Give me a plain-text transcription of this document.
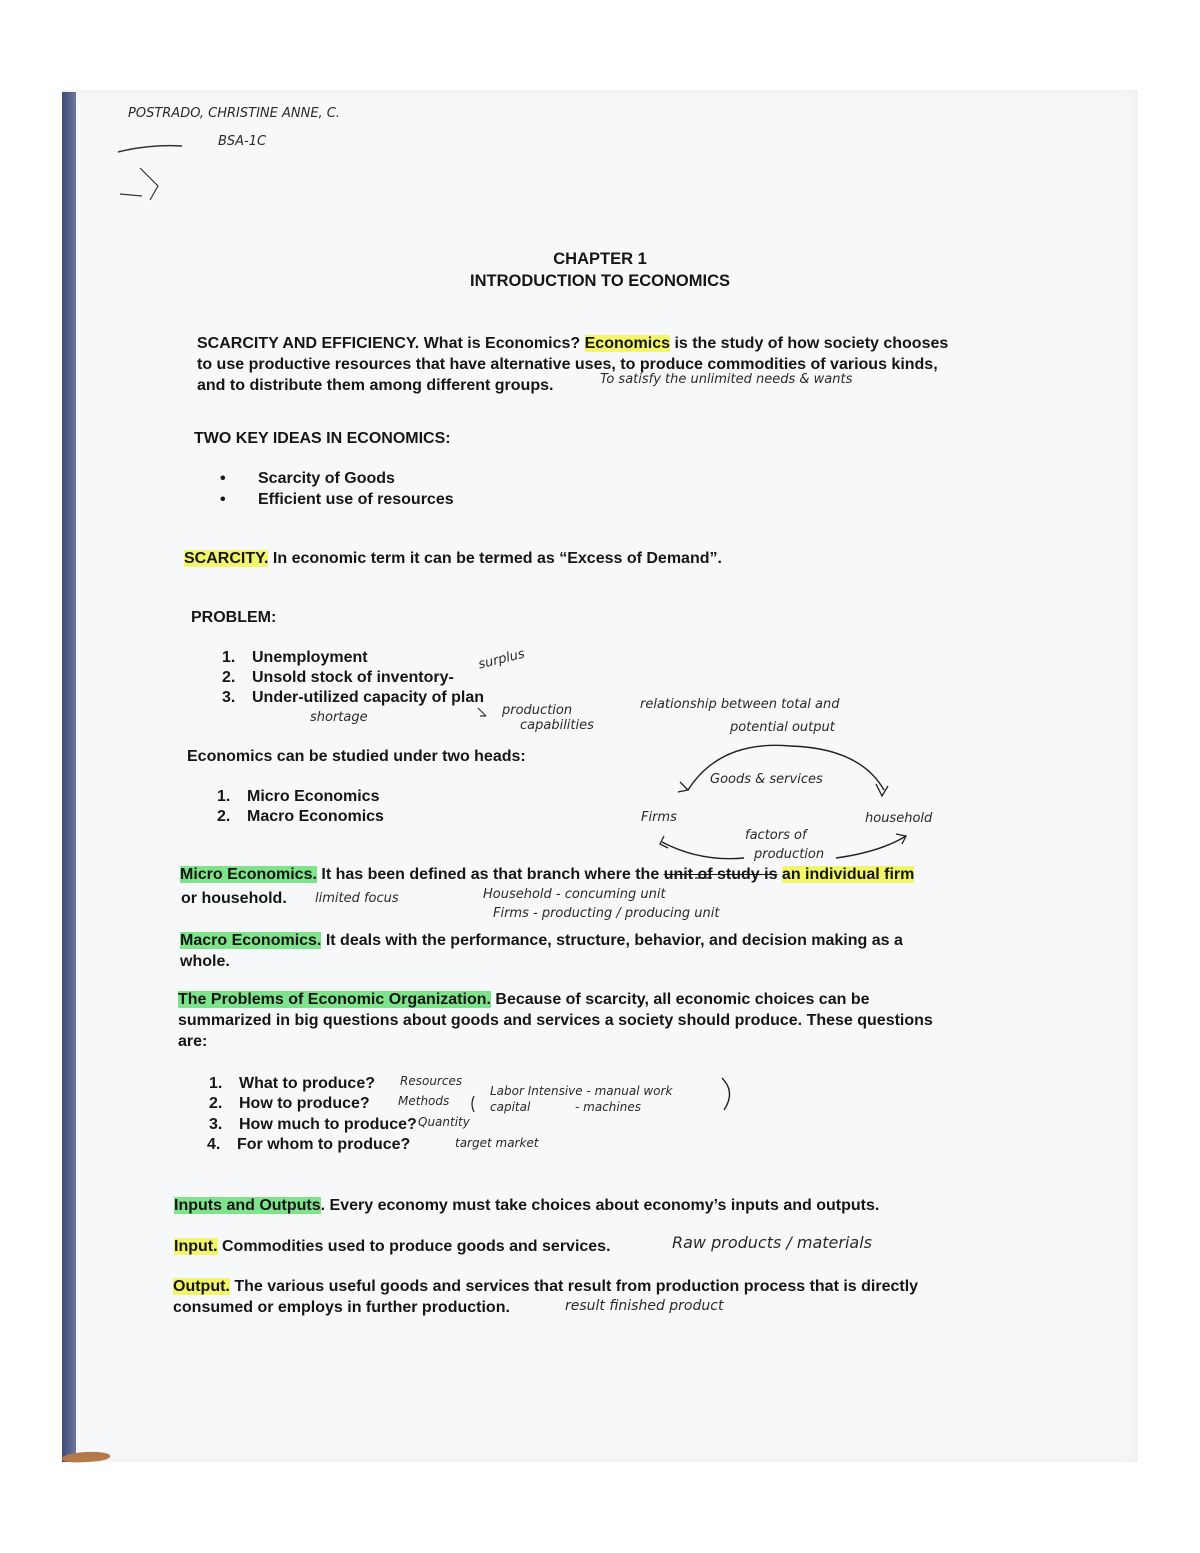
POSTRADO, CHRISTINE ANNE, C.
BSA-1C
CHAPTER 1
INTRODUCTION TO ECONOMICS
SCARCITY AND EFFICIENCY. What is Economics? Economics is the study of how society chooses
to use productive resources that have alternative uses, to produce commodities of various kinds,
and to distribute them among different groups.	To satisfy the unlimited needs & wants
TWO KEY IDEAS IN ECONOMICS:
• Scarcity of Goods
• Efficient use of resources
SCARCITY. In economic term it can be termed as “Excess of Demand”.
PROBLEM:
1. Unemployment
2. Unsold stock of inventory-
3. Under-utilized capacity of plan
surplus
shortage	production
capabilities
relationship between total and
potential output
Economics can be studied under two heads:
1. Micro Economics
2. Macro Economics
Goods & services
Firms	household
factors of
production
Micro Economics. It has been defined as that branch where the unit of study is an individual firm
or household. limited focus	Household - concuming unit
Firms - producting / producing unit
Macro Economics. It deals with the performance, structure, behavior, and decision making as a
whole.
The Problems of Economic Organization. Because of scarcity, all economic choices can be
summarized in big questions about goods and services a society should produce. These questions
are:
1. What to produce?
2. How to produce?
3. How much to produce?
4. For whom to produce?
Resources
Methods
Labor Intensive - manual work
capital	- machines
Quantity
target market
Inputs and Outputs. Every economy must take choices about economy’s inputs and outputs.
Input. Commodities used to produce goods and services.	Raw products / materials
Output. The various useful goods and services that result from production process that is directly
consumed or employs in further production.	result finished product
